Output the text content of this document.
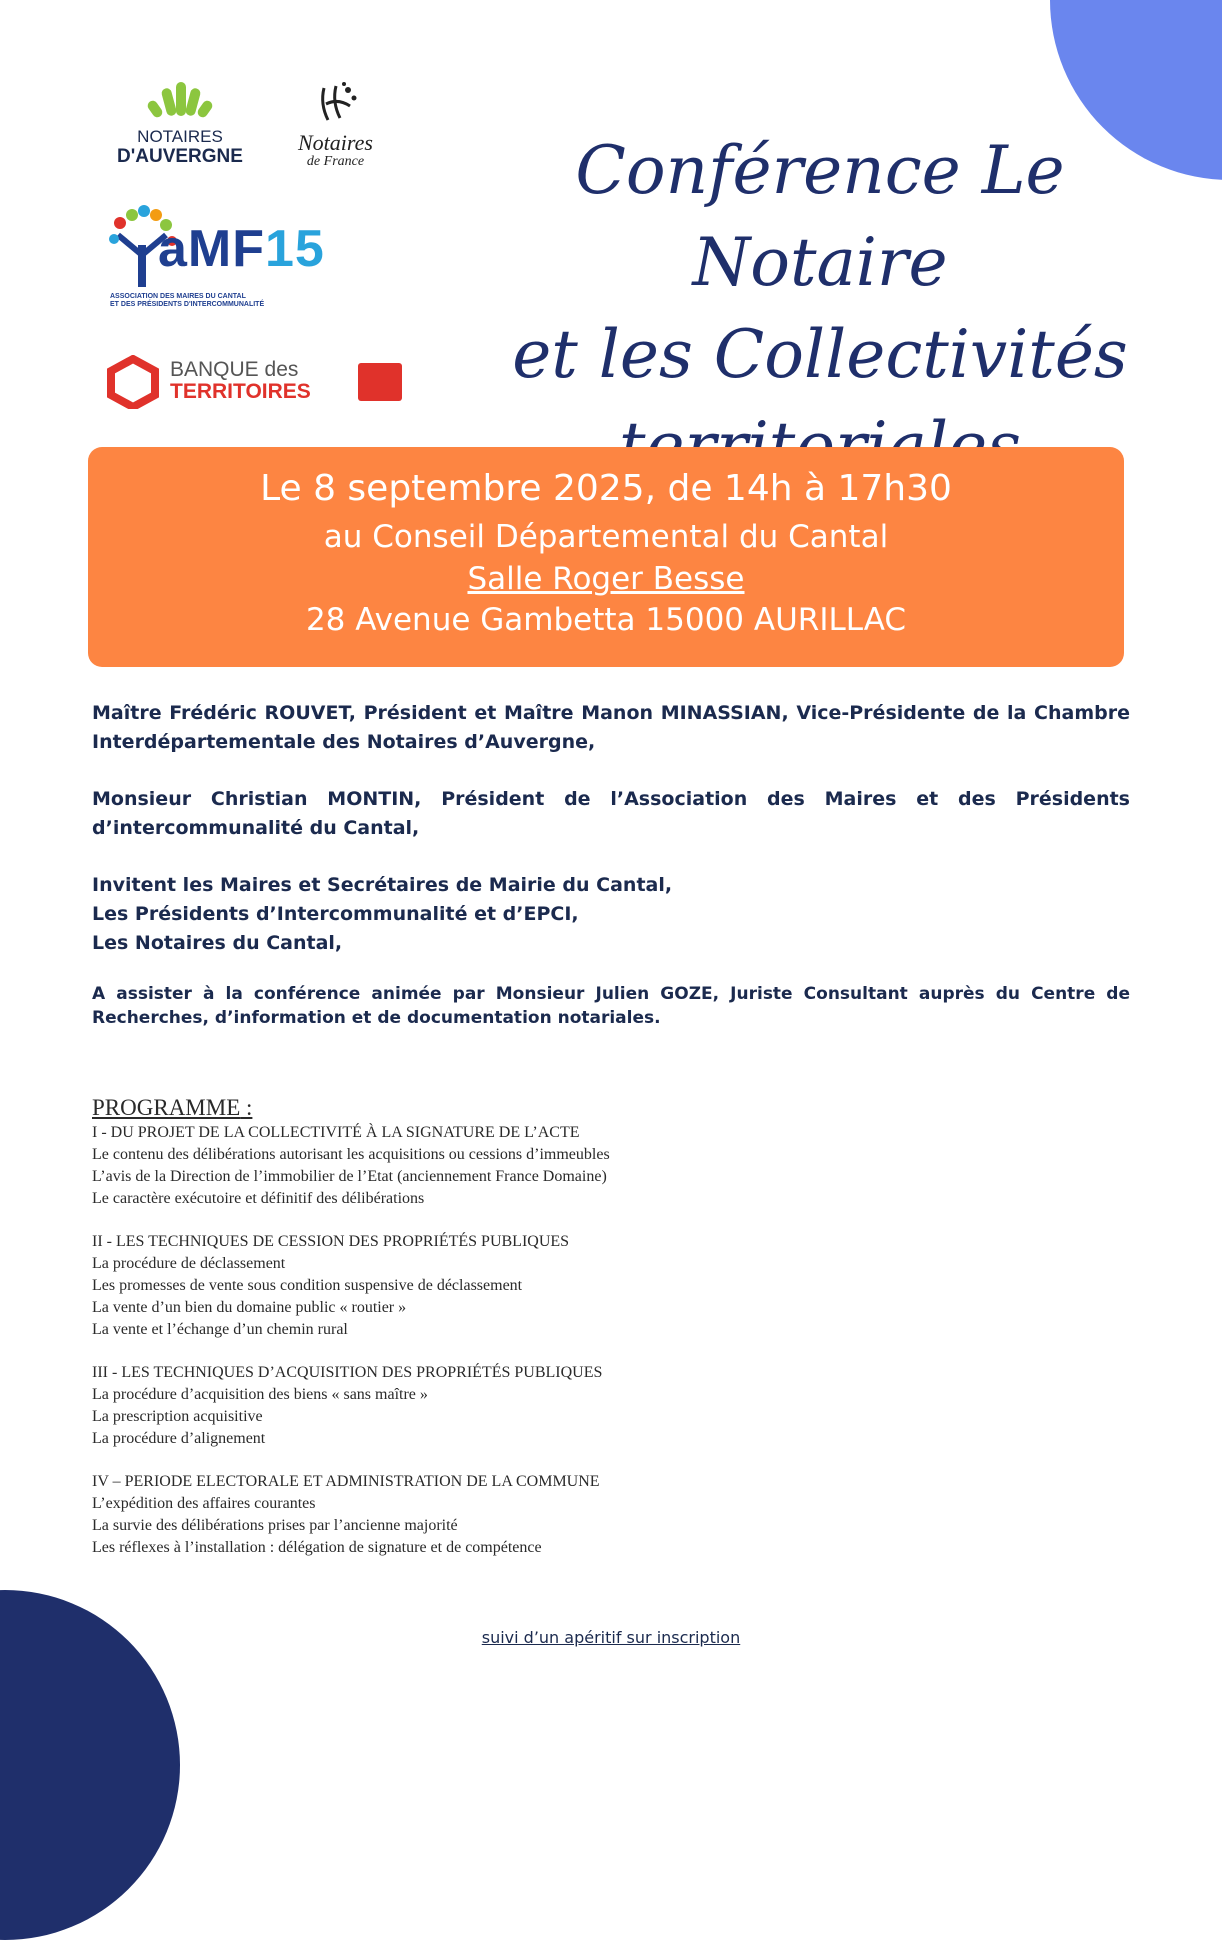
NOTAIRES
D'AUVERGNE
Notaires
de France
aMF15
ASSOCIATION DES MAIRES DU CANTAL
ET DES PRÉSIDENTS D'INTERCOMMUNALITÉ
BANQUE des
TERRITOIRES
Conférence Le Notaire
et les Collectivités

Le 8 septembre 2025, de 14h à 17h30
au Conseil Départemental du Cantal
Salle Roger Besse
28 Avenue Gambetta 15000 AURILLAC

Maître Frédéric ROUVET, Président et Maître Manon MINASSIAN, Vice-Présidente de la Chambre Interdépartementale des Notaires d’Auvergne,

Monsieur Christian MONTIN, Président de l’Association des Maires et des Présidents d’intercommunalité du Cantal,

Invitent les Maires et Secrétaires de Mairie du Cantal,
Les Présidents d’Intercommunalité et d’EPCI,
Les Notaires du Cantal,

A assister à la conférence animée par Monsieur Julien GOZE, Juriste Consultant auprès du Centre de Recherches, d’information et de documentation notariales.

PROGRAMME :
I - DU PROJET DE LA COLLECTIVITÉ À LA SIGNATURE DE L’ACTE
Le contenu des délibérations autorisant les acquisitions ou cessions d’immeubles
L’avis de la Direction de l’immobilier de l’Etat (anciennement France Domaine)
Le caractère exécutoire et définitif des délibérations
II - LES TECHNIQUES DE CESSION DES PROPRIÉTÉS PUBLIQUES
La procédure de déclassement
Les promesses de vente sous condition suspensive de déclassement
La vente d’un bien du domaine public « routier »
La vente et l’échange d’un chemin rural
III - LES TECHNIQUES D’ACQUISITION DES PROPRIÉTÉS PUBLIQUES
La procédure d’acquisition des biens « sans maître »
La prescription acquisitive
La procédure d’alignement
IV – PERIODE ELECTORALE ET ADMINISTRATION DE LA COMMUNE
L’expédition des affaires courantes
La survie des délibérations prises par l’ancienne majorité
Les réflexes à l’installation : délégation de signature et de compétence
suivi d’un apéritif sur inscription
